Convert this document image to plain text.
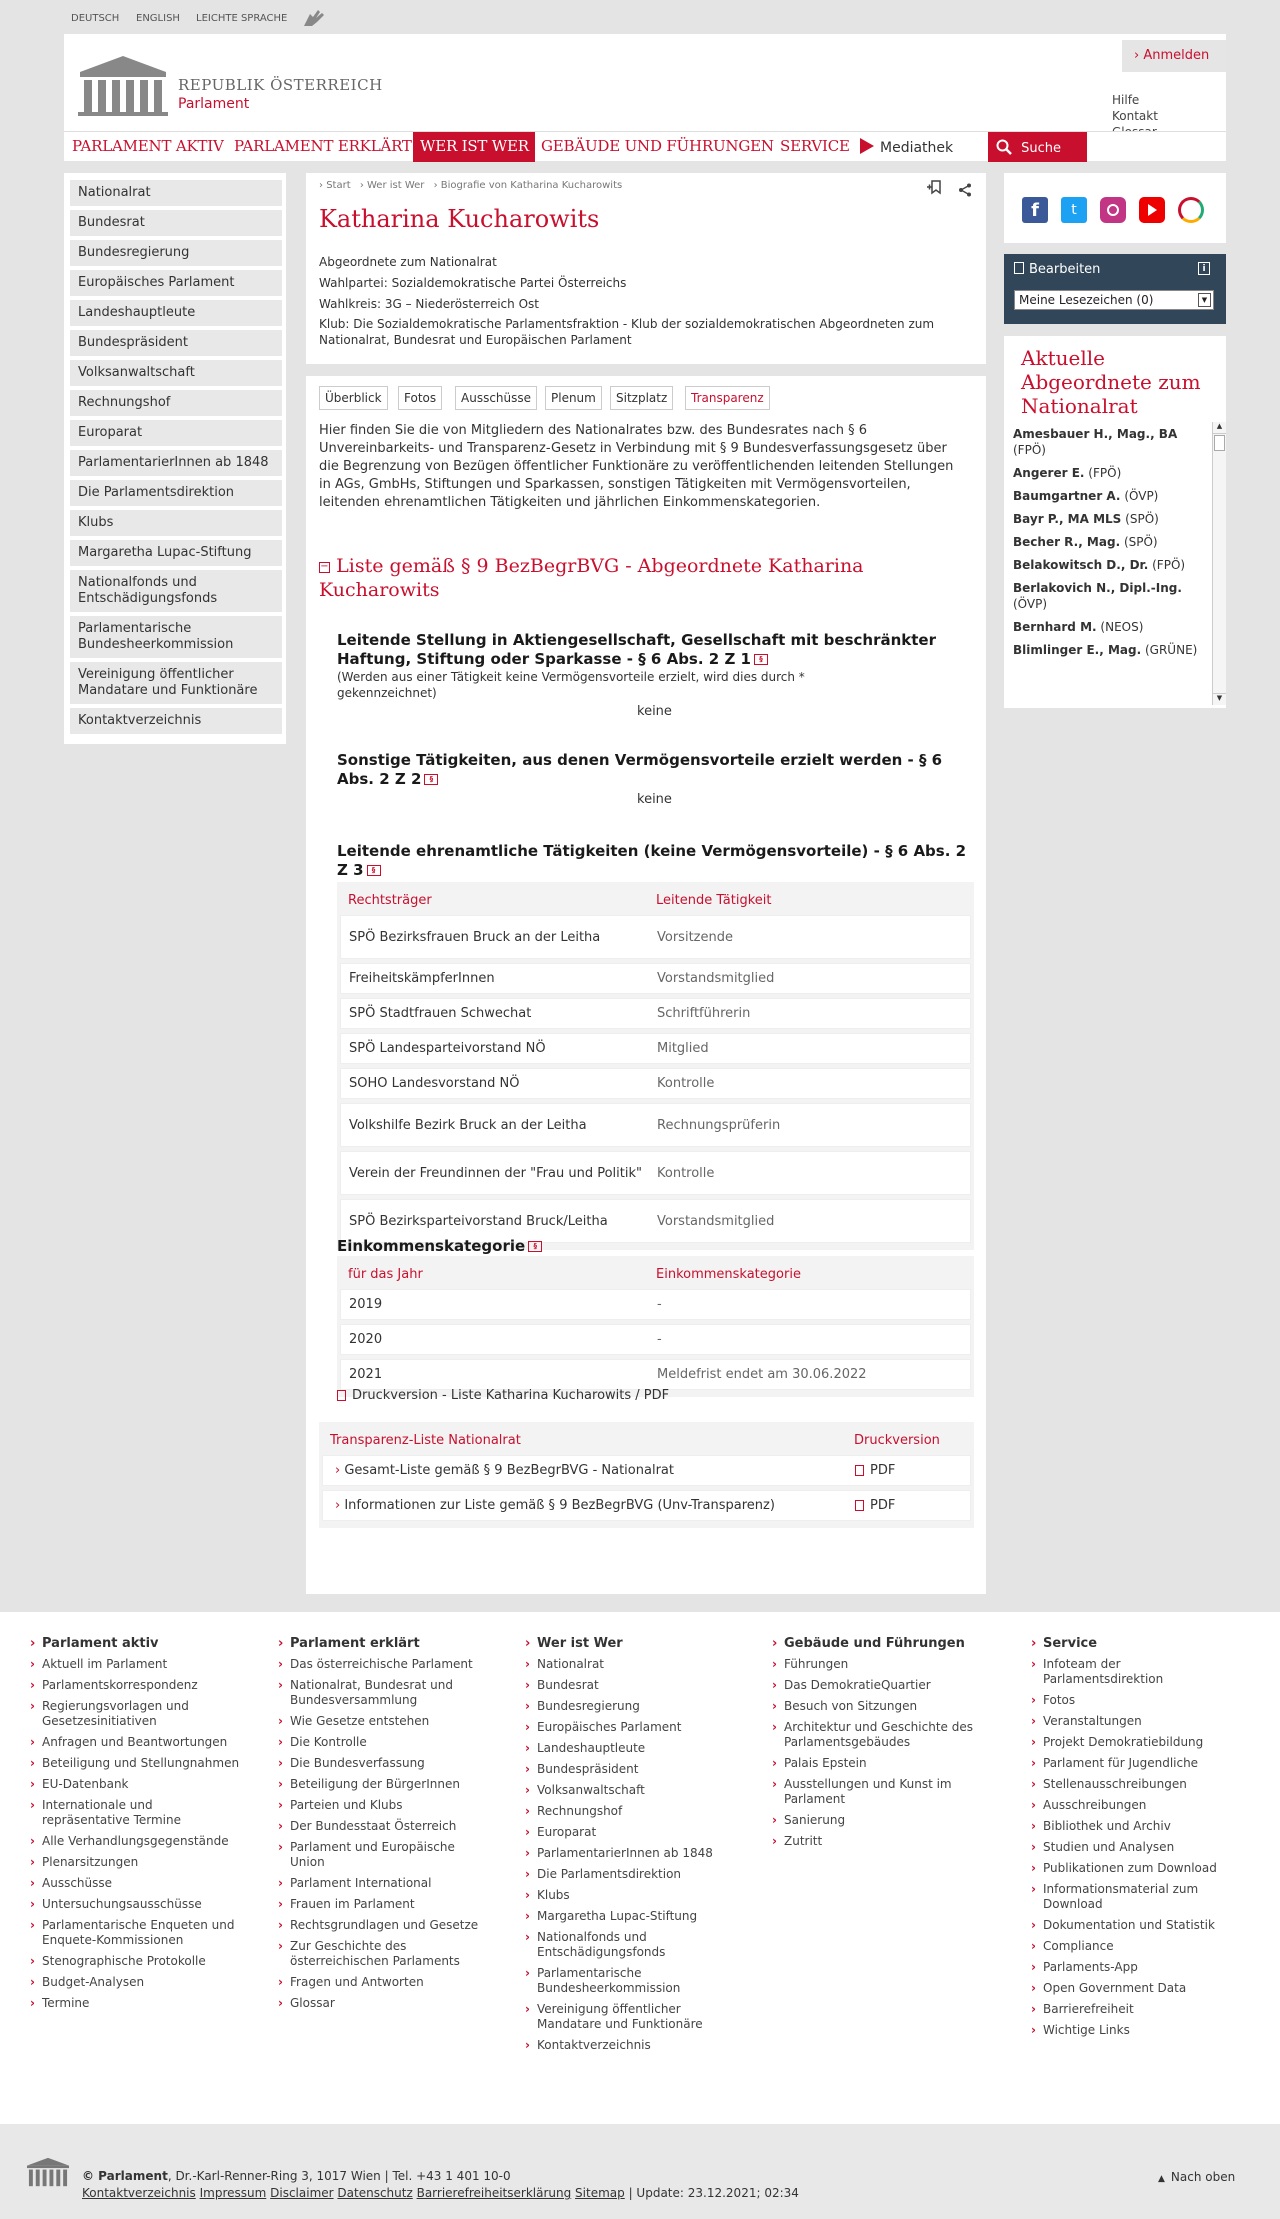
DEUTSCH ENGLISH LEICHTE SPRACHE
REPUBLIK ÖSTERREICH
Parlament
› Anmelden
Hilfe
Kontakt
PARLAMENT AKTIV PARLAMENT ERKLÄRT WER IST WER GEBÄUDE UND FÜHRUNGEN SERVICE	Mediathek	Suche
Nationalrat
Bundesrat
Bundesregierung
Europäisches Parlament
Landeshauptleute
Bundespräsident
Volksanwaltschaft
Rechnungshof
Europarat
ParlamentarierInnen ab 1848
Die Parlamentsdirektion
Klubs
Margaretha Lupac-Stiftung
Nationalfonds und Entschädigungsfonds
Parlamentarische Bundesheerkommission
Vereinigung öffentlicher Mandatare und Funktionäre
Kontaktverzeichnis
› Start › Wer ist Wer › Biografie von Katharina Kucharowits
Katharina Kucharowits
Abgeordnete zum Nationalrat
Wahlpartei: Sozialdemokratische Partei Österreichs
Wahlkreis: 3G – Niederösterreich Ost
Klub: Die Sozialdemokratische Parlamentsfraktion - Klub der sozialdemokratischen Abgeordneten zum Nationalrat, Bundesrat und Europäischen Parlament
Überblick	Fotos	Ausschüsse	Plenum	Sitzplatz	Transparenz

Hier finden Sie die von Mitgliedern des Nationalrates bzw. des Bundesrates nach § 6 Unvereinbarkeits- und Transparenz-Gesetz in Verbindung mit § 9 Bundesverfassungsgesetz über die Begrenzung von Bezügen öffentlicher Funktionäre zu veröffentlichenden leitenden Stellungen in AGs, GmbHs, Stiftungen und Sparkassen, sonstigen Tätigkeiten mit Vermögensvorteilen, leitenden ehrenamtlichen Tätigkeiten und jährlichen Einkommenskategorien.

− Liste gemäß § 9 BezBegrBVG - Abgeordnete Katharina Kucharowits
Leitende Stellung in Aktiengesellschaft, Gesellschaft mit beschränkter Haftung, Stiftung oder Sparkasse - § 6 Abs. 2 Z 1 §
(Werden aus einer Tätigkeit keine Vermögensvorteile erzielt, wird dies durch * gekennzeichnet)
keine
Sonstige Tätigkeiten, aus denen Vermögensvorteile erzielt werden - § 6 Abs. 2 Z 2 §
keine
Leitende ehrenamtliche Tätigkeiten (keine Vermögensvorteile) - § 6 Abs. 2 Z 3 §
Rechtsträger	Leitende Tätigkeit
SPÖ Bezirksfrauen Bruck an der Leitha	Vorsitzende
FreiheitskämpferInnen	Vorstandsmitglied
SPÖ Stadtfrauen Schwechat	Schriftführerin
SPÖ Landesparteivorstand NÖ	Mitglied
SOHO Landesvorstand NÖ	Kontrolle
Volkshilfe Bezirk Bruck an der Leitha	Rechnungsprüferin
Verein der Freundinnen der "Frau und Politik"	Kontrolle
SPÖ Bezirksparteivorstand Bruck/Leitha	Vorstandsmitglied
Einkommenskategorie §
für das Jahr	Einkommenskategorie
2019	-
2020	-
2021	Meldefrist endet am 30.06.2022
Druckversion - Liste Katharina Kucharowits / PDF
Transparenz-Liste Nationalrat	Druckversion
› Gesamt-Liste gemäß § 9 BezBegrBVG - Nationalrat	PDF
› Informationen zur Liste gemäß § 9 BezBegrBVG (Unv-Transparenz)	PDF
f	t
Bearbeiten	i
Meine Lesezeichen (0)	▼
Aktuelle Abgeordnete zum Nationalrat
Amesbauer H., Mag., BA (FPÖ)
Angerer E. (FPÖ)
Baumgartner A. (ÖVP)
Bayr P., MA MLS (SPÖ)
Becher R., Mag. (SPÖ)
Belakowitsch D., Dr. (FPÖ)
Berlakovich N., Dipl.-Ing. (ÖVP)
Bernhard M. (NEOS)
Blimlinger E., Mag. (GRÜNE)
▲
▼
› Parlament aktiv
› Aktuell im Parlament
› Parlamentskorrespondenz
› Regierungsvorlagen und Gesetzesinitiativen
› Anfragen und Beantwortungen
› Beteiligung und Stellungnahmen
› EU-Datenbank
› Internationale und repräsentative Termine
› Alle Verhandlungsgegenstände
› Plenarsitzungen
› Ausschüsse
› Untersuchungsausschüsse
› Parlamentarische Enqueten und Enquete-Kommissionen
› Stenographische Protokolle
› Budget-Analysen
› Termine
› Parlament erklärt
› Das österreichische Parlament
› Nationalrat, Bundesrat und Bundesversammlung
› Wie Gesetze entstehen
› Die Kontrolle
› Die Bundesverfassung
› Beteiligung der BürgerInnen
› Parteien und Klubs
› Der Bundesstaat Österreich
› Parlament und Europäische Union
› Parlament International
› Frauen im Parlament
› Rechtsgrundlagen und Gesetze
› Zur Geschichte des österreichischen Parlaments
› Fragen und Antworten
› Glossar
› Wer ist Wer
› Nationalrat
› Bundesrat
› Bundesregierung
› Europäisches Parlament
› Landeshauptleute
› Bundespräsident
› Volksanwaltschaft
› Rechnungshof
› Europarat
› ParlamentarierInnen ab 1848
› Die Parlamentsdirektion
› Klubs
› Margaretha Lupac-Stiftung
› Nationalfonds und Entschädigungsfonds
› Parlamentarische Bundesheerkommission
› Vereinigung öffentlicher Mandatare und Funktionäre
› Kontaktverzeichnis
› Gebäude und Führungen
› Führungen
› Das DemokratieQuartier
› Besuch von Sitzungen
› Architektur und Geschichte des Parlamentsgebäudes
› Palais Epstein
› Ausstellungen und Kunst im Parlament
› Sanierung
› Zutritt
› Service
› Infoteam der Parlamentsdirektion
› Fotos
› Veranstaltungen
› Projekt Demokratiebildung
› Parlament für Jugendliche
› Stellenausschreibungen
› Ausschreibungen
› Bibliothek und Archiv
› Studien und Analysen
› Publikationen zum Download
› Informationsmaterial zum Download
› Dokumentation und Statistik
› Compliance
› Parlaments-App
› Open Government Data
› Barrierefreiheit
› Wichtige Links
© Parlament, Dr.-Karl-Renner-Ring 3, 1017 Wien | Tel. +43 1 401 10-0
Kontaktverzeichnis Impressum Disclaimer Datenschutz Barrierefreiheitserklärung Sitemap | Update: 23.12.2021; 02:34
▲ Nach oben
